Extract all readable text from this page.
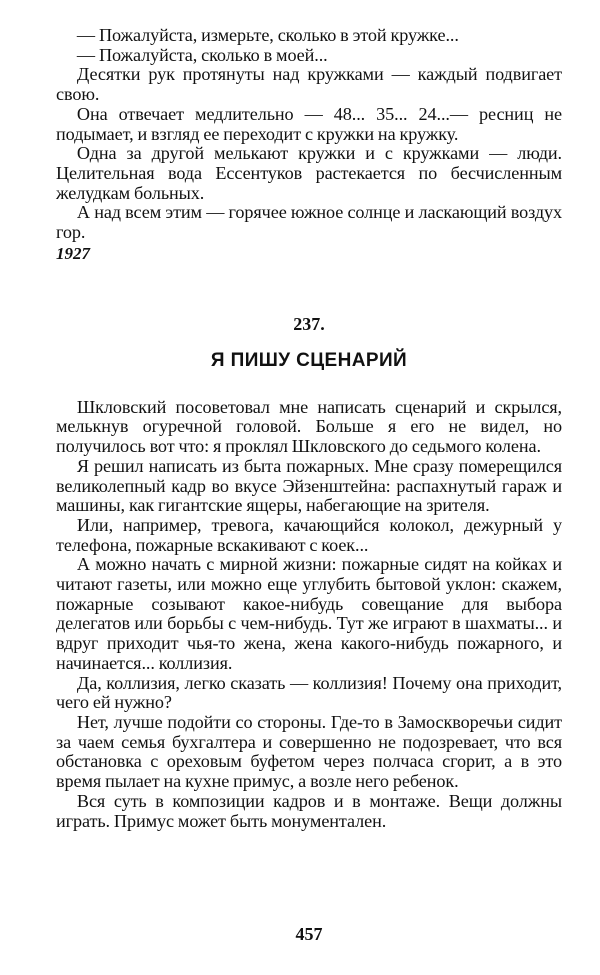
— Пожалуйста, измерьте, сколько в этой кружке...

— Пожалуйста, сколько в моей...

Десятки рук протянуты над кружками — каждый подвигает свою.

Она отвечает медлительно — 48... 35... 24...— ресниц не подымает, и взгляд ее переходит с кружки на кружку.

Одна за другой мелькают кружки и с кружками — люди. Целительная вода Ессентуков растекается по бесчисленным желудкам больных.

А над всем этим — горячее южное солнце и ласкающий воздух гор.

1927

237.

Я ПИШУ СЦЕНАРИЙ

Шкловский посоветовал мне написать сценарий и скрылся, мелькнув огуречной головой. Больше я его не видел, но получилось вот что: я проклял Шкловского до седьмого колена.

Я решил написать из быта пожарных. Мне сразу померещился великолепный кадр во вкусе Эйзенштейна: распахнутый гараж и машины, как гигантские ящеры, набегающие на зрителя.

Или, например, тревога, качающийся колокол, дежурный у телефона, пожарные вскакивают с коек...

А можно начать с мирной жизни: пожарные сидят на койках и читают газеты, или можно еще углубить бытовой уклон: скажем, пожарные созывают какое-нибудь совещание для выбора делегатов или борьбы с чем-нибудь. Тут же играют в шахматы... и вдруг приходит чья-то жена, жена какого-нибудь пожарного, и начинается... коллизия.

Да, коллизия, легко сказать — коллизия! Почему она приходит, чего ей нужно?

Нет, лучше подойти со стороны. Где-то в Замоскворечьи сидит за чаем семья бухгалтера и совершенно не подозревает, что вся обстановка с ореховым буфетом через полчаса сгорит, а в это время пылает на кухне примус, а возле него ребенок.

Вся суть в композиции кадров и в монтаже. Вещи должны играть. Примус может быть монументален.

457
